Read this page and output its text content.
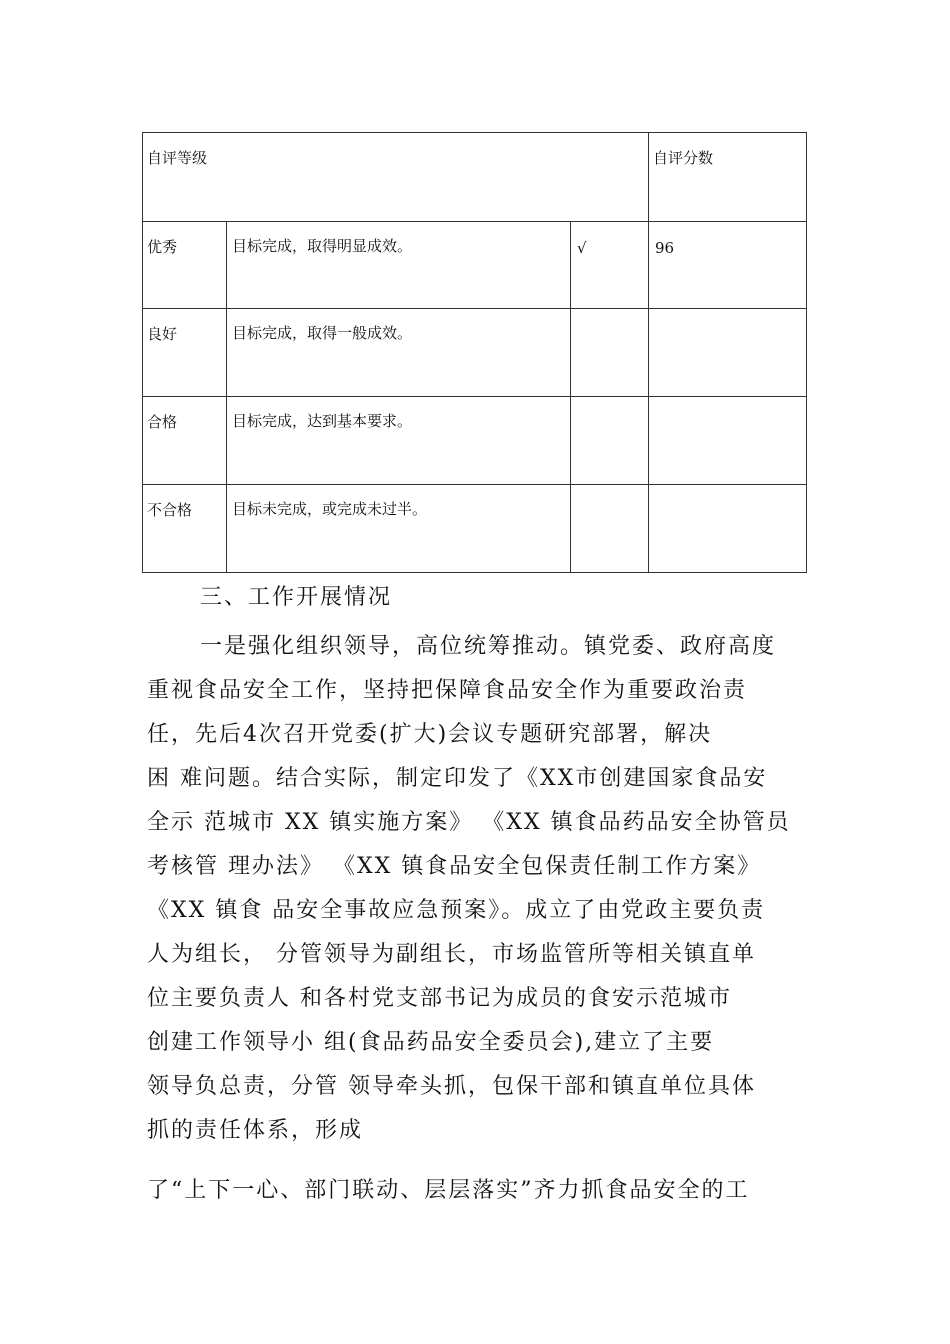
自评等级			自评分数

优秀	目标完成，取得明显成效。	√	96

良好	目标完成，取得一般成效。		

合格	目标完成，达到基本要求。		

不合格	目标未完成，或完成未过半。		

三、工作开展情况

一是强化组织领导，高位统筹推动。镇党委、政府高度

重视食品安全工作，坚持把保障食品安全作为重要政治责

任，先后4次召开党委(扩大)会议专题研究部署，解决

困 难问题。结合实际，制定印发了《XX市创建国家食品安

全示 范城市 XX 镇实施方案》 《XX 镇食品药品安全协管员

考核管 理办法》 《XX 镇食品安全包保责任制工作方案》

《XX 镇食 品安全事故应急预案》。成立了由党政主要负责

人为组长， 分管领导为副组长，市场监管所等相关镇直单

位主要负责人 和各村党支部书记为成员的食安示范城市

创建工作领导小 组(食品药品安全委员会),建立了主要

领导负总责，分管 领导牵头抓，包保干部和镇直单位具体

抓的责任体系，形成

了“上下一心、部门联动、层层落实”齐力抓食品安全的工
